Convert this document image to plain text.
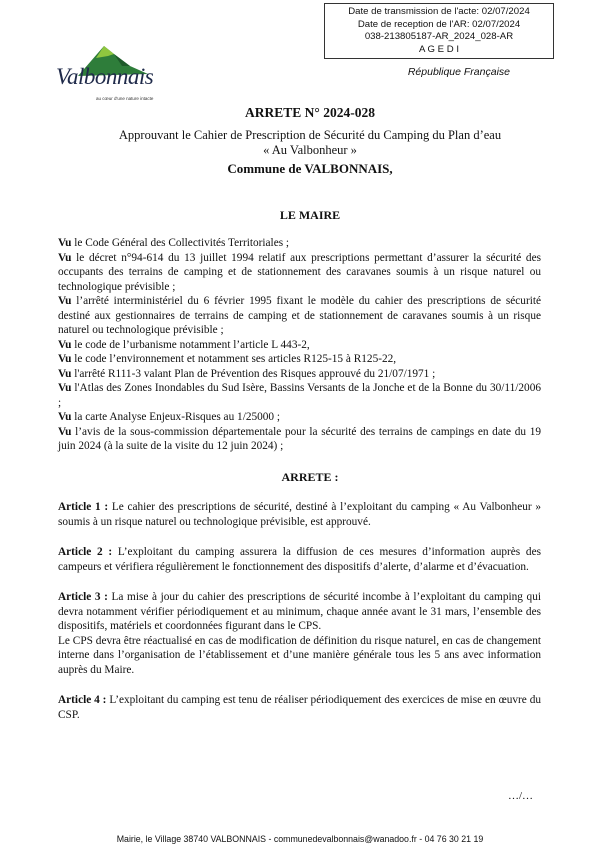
Date de transmission de l'acte: 02/07/2024
Date de reception de l'AR: 02/07/2024
038-213805187-AR_2024_028-AR
A G E D I
République Française
Valbonnais
au cœur d'une nature intacte
ARRETE N° 2024-028
Approuvant le Cahier de Prescription de Sécurité du Camping du Plan d’eau
« Au Valbonheur »
Commune de VALBONNAIS,
LE MAIRE

Vu le Code Général des Collectivités Territoriales ;

Vu le décret n°94-614 du 13 juillet 1994 relatif aux prescriptions permettant d’assurer la sécurité des occupants des terrains de camping et de stationnement des caravanes soumis à un risque naturel ou technologique prévisible ;

Vu l’arrêté interministériel du 6 février 1995 fixant le modèle du cahier des prescriptions de sécurité destiné aux gestionnaires de terrains de camping et de stationnement de caravanes soumis à un risque naturel ou technologique prévisible ;

Vu le code de l’urbanisme notamment l’article L 443-2,

Vu le code l’environnement et notamment ses articles R125-15 à R125-22,

Vu l'arrêté R111-3 valant Plan de Prévention des Risques approuvé du 21/07/1971 ;

Vu l'Atlas des Zones Inondables du Sud Isère, Bassins Versants de la Jonche et de la Bonne du 30/11/2006 ;

Vu la carte Analyse Enjeux-Risques au 1/25000 ;

Vu l’avis de la sous-commission départementale pour la sécurité des terrains de campings en date du 19 juin 2024 (à la suite de la visite du 12 juin 2024) ;

ARRETE :

Article 1 : Le cahier des prescriptions de sécurité, destiné à l’exploitant du camping « Au Valbonheur » soumis à un risque naturel ou technologique prévisible, est approuvé.

Article 2 : L’exploitant du camping assurera la diffusion de ces mesures d’information auprès des campeurs et vérifiera régulièrement le fonctionnement des dispositifs d’alerte, d’alarme et d’évacuation.

Article 3 : La mise à jour du cahier des prescriptions de sécurité incombe à l’exploitant du camping qui devra notamment vérifier périodiquement et au minimum, chaque année avant le 31 mars, l’ensemble des dispositifs, matériels et coordonnées figurant dans le CPS.

Le CPS devra être réactualisé en cas de modification de définition du risque naturel, en cas de changement interne dans l’organisation de l’établissement et d’une manière générale tous les 5 ans avec information auprès du Maire.

Article 4 : L’exploitant du camping est tenu de réaliser périodiquement des exercices de mise en œuvre du CSP.

…/…
Mairie, le Village 38740 VALBONNAIS - communedevalbonnais@wanadoo.fr - 04 76 30 21 19
